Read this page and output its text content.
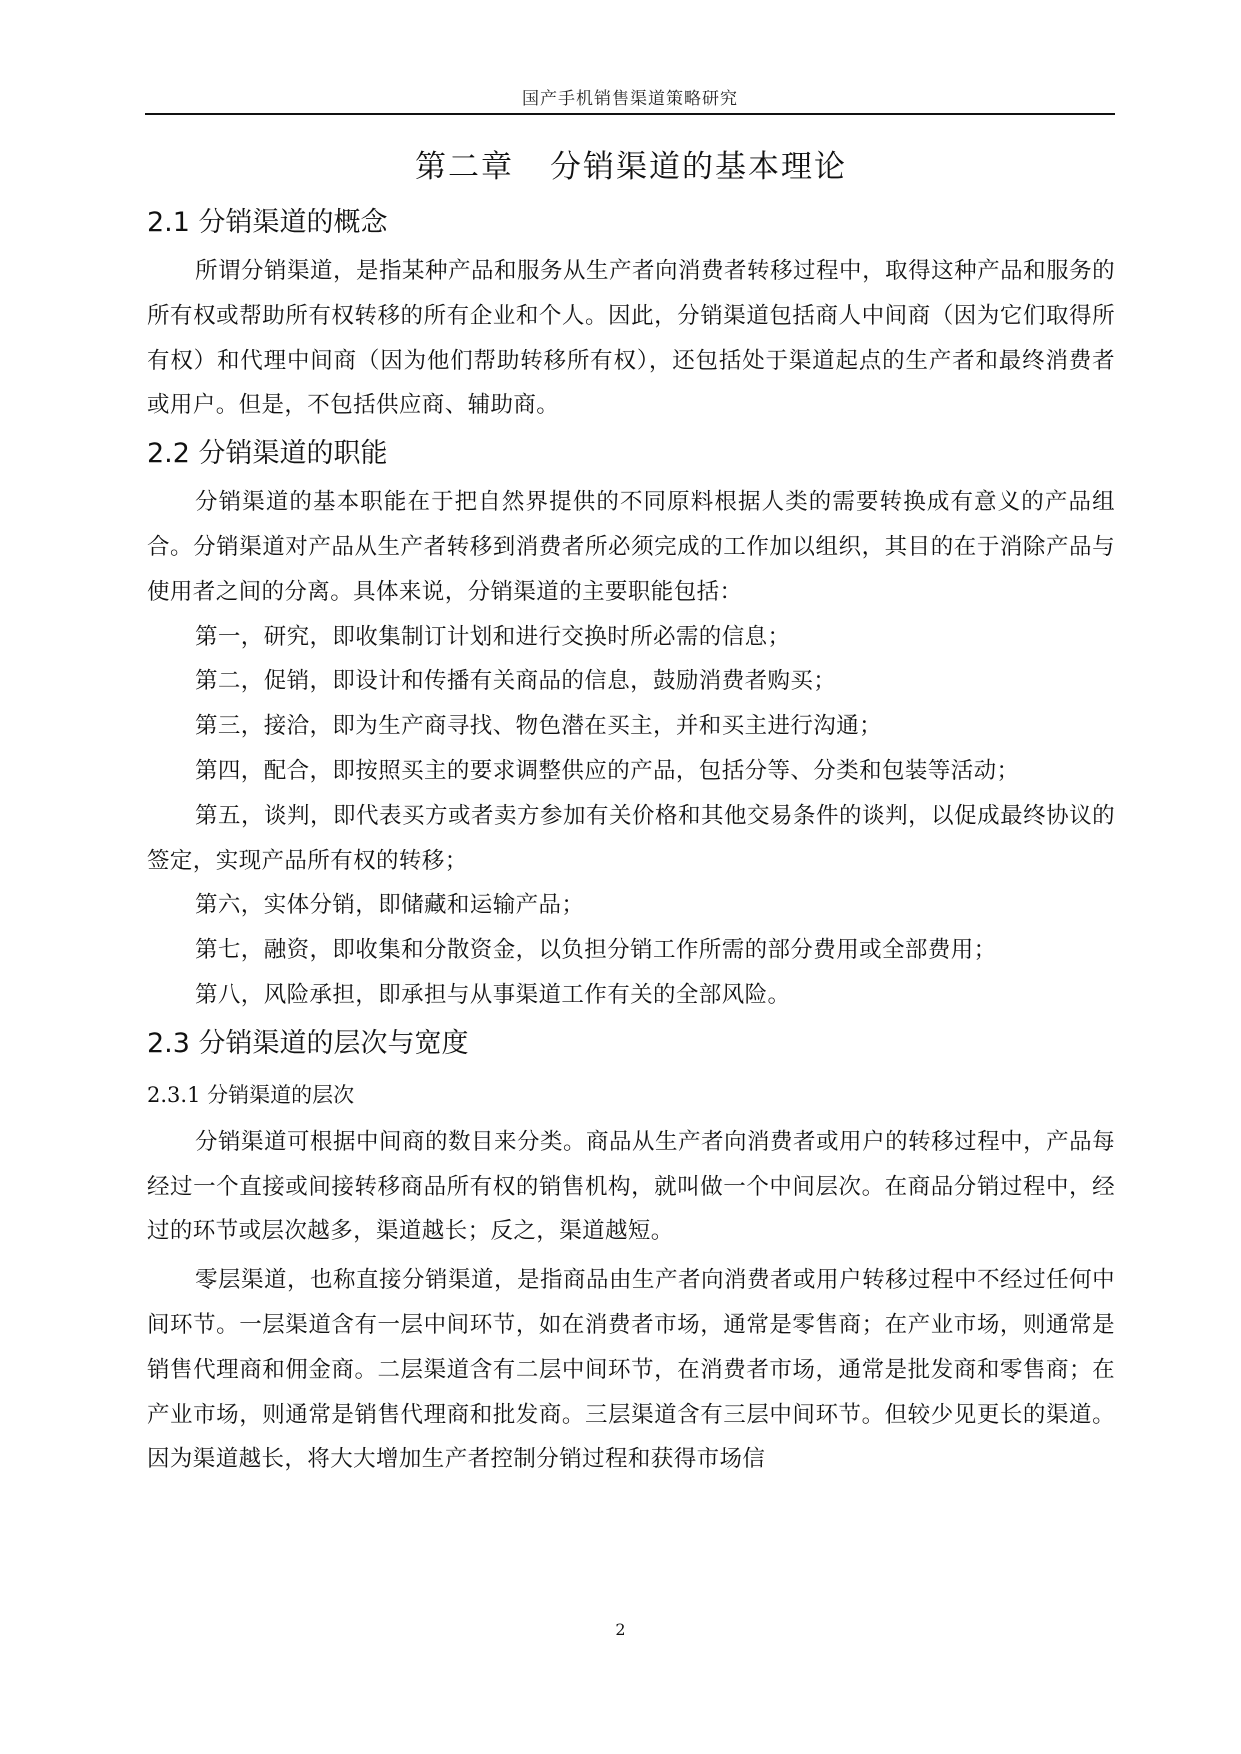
国产手机销售渠道策略研究
第二章 分销渠道的基本理论
2.1 分销渠道的概念

所谓分销渠道，是指某种产品和服务从生产者向消费者转移过程中，取得这种产品和服务的所有权或帮助所有权转移的所有企业和个人。因此，分销渠道包括商人中间商（因为它们取得所有权）和代理中间商（因为他们帮助转移所有权），还包括处于渠道起点的生产者和最终消费者或用户。但是，不包括供应商、辅助商。

2.2 分销渠道的职能

分销渠道的基本职能在于把自然界提供的不同原料根据人类的需要转换成有意义的产品组合。分销渠道对产品从生产者转移到消费者所必须完成的工作加以组织，其目的在于消除产品与使用者之间的分离。具体来说，分销渠道的主要职能包括：

第一，研究，即收集制订计划和进行交换时所必需的信息；

第二，促销，即设计和传播有关商品的信息，鼓励消费者购买；

第三，接洽，即为生产商寻找、物色潜在买主，并和买主进行沟通；

第四，配合，即按照买主的要求调整供应的产品，包括分等、分类和包装等活动；

第五，谈判，即代表买方或者卖方参加有关价格和其他交易条件的谈判，以促成最终协议的签定，实现产品所有权的转移；

第六，实体分销，即储藏和运输产品；

第七，融资，即收集和分散资金，以负担分销工作所需的部分费用或全部费用；

第八，风险承担，即承担与从事渠道工作有关的全部风险。

2.3 分销渠道的层次与宽度
2.3.1 分销渠道的层次

分销渠道可根据中间商的数目来分类。商品从生产者向消费者或用户的转移过程中，产品每经过一个直接或间接转移商品所有权的销售机构，就叫做一个中间层次。在商品分销过程中，经过的环节或层次越多，渠道越长；反之，渠道越短。

零层渠道，也称直接分销渠道，是指商品由生产者向消费者或用户转移过程中不经过任何中间环节。一层渠道含有一层中间环节，如在消费者市场，通常是零售商；在产业市场，则通常是销售代理商和佣金商。二层渠道含有二层中间环节，在消费者市场，通常是批发商和零售商；在产业市场，则通常是销售代理商和批发商。三层渠道含有三层中间环节。但较少见更长的渠道。因为渠道越长，将大大增加生产者控制分销过程和获得市场信

2
